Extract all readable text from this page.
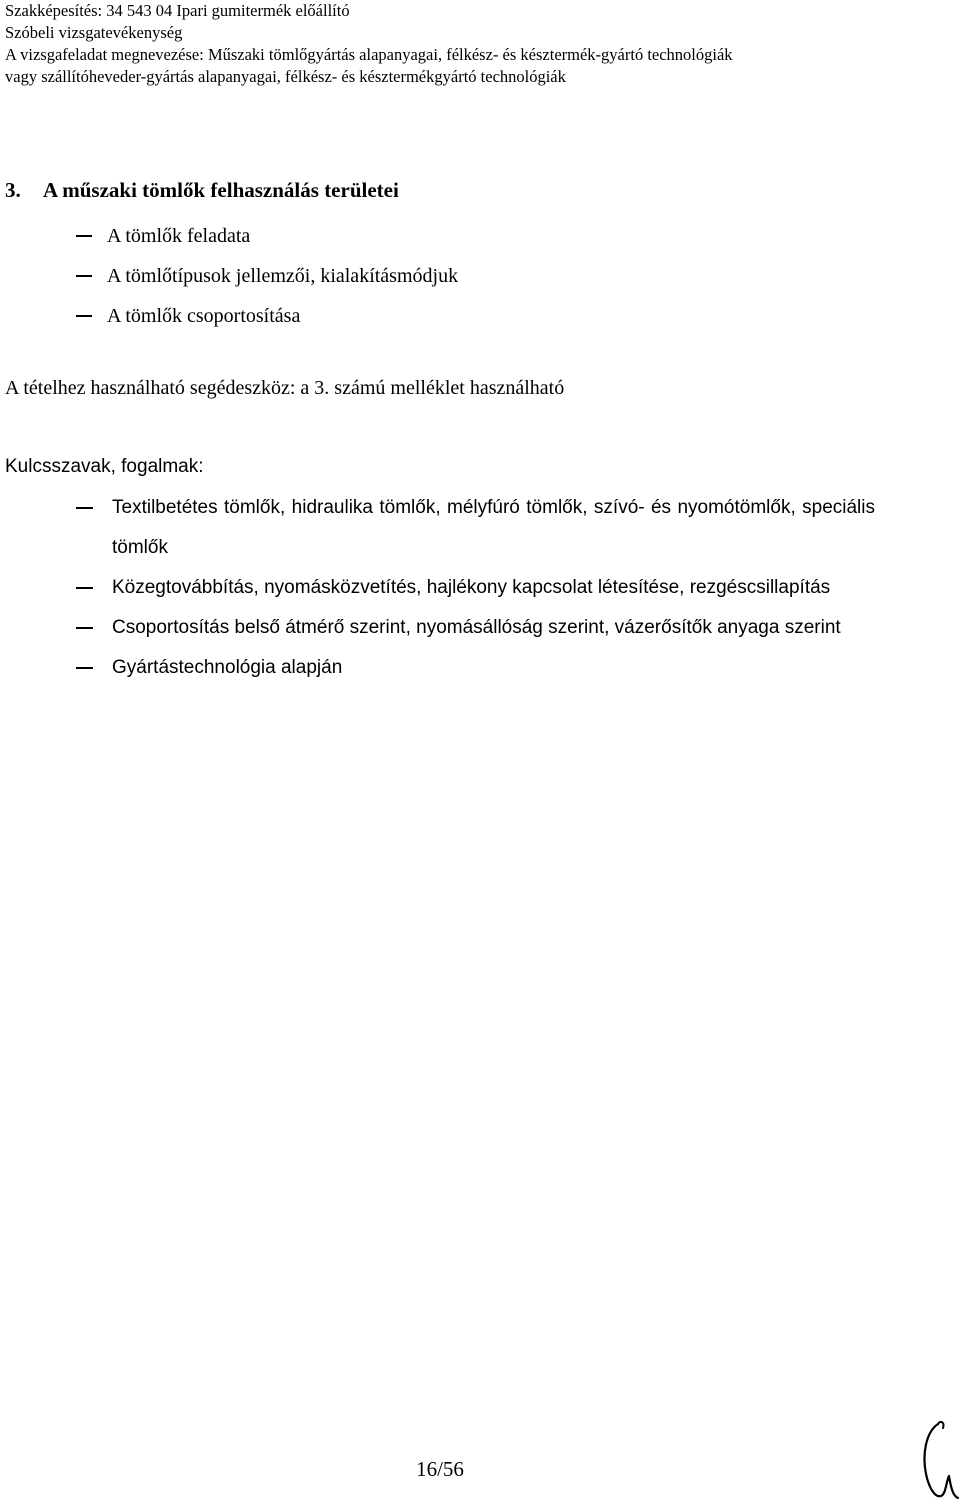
Szakképesítés: 34 543 04 Ipari gumitermék előállító
Szóbeli vizsgatevékenység
A vizsgafeladat megnevezése: Műszaki tömlőgyártás alapanyagai, félkész- és késztermék-gyártó technológiák
vagy szállítóheveder-gyártás alapanyagai, félkész- és késztermékgyártó technológiák
3. A műszaki tömlők felhasználás területei
A tömlők feladata
A tömlőtípusok jellemzői, kialakításmódjuk
A tömlők csoportosítása
A tételhez használható segédeszköz: a 3. számú melléklet használható
Kulcsszavak, fogalmak:
Textilbetétes tömlők, hidraulika tömlők, mélyfúró tömlők, szívó- és nyomótömlők, speciális tömlők
Közegtovábbítás, nyomásközvetítés, hajlékony kapcsolat létesítése, rezgéscsillapítás
Csoportosítás belső átmérő szerint, nyomásállóság szerint, vázerősítők anyaga szerint
Gyártástechnológia alapján
16/56
